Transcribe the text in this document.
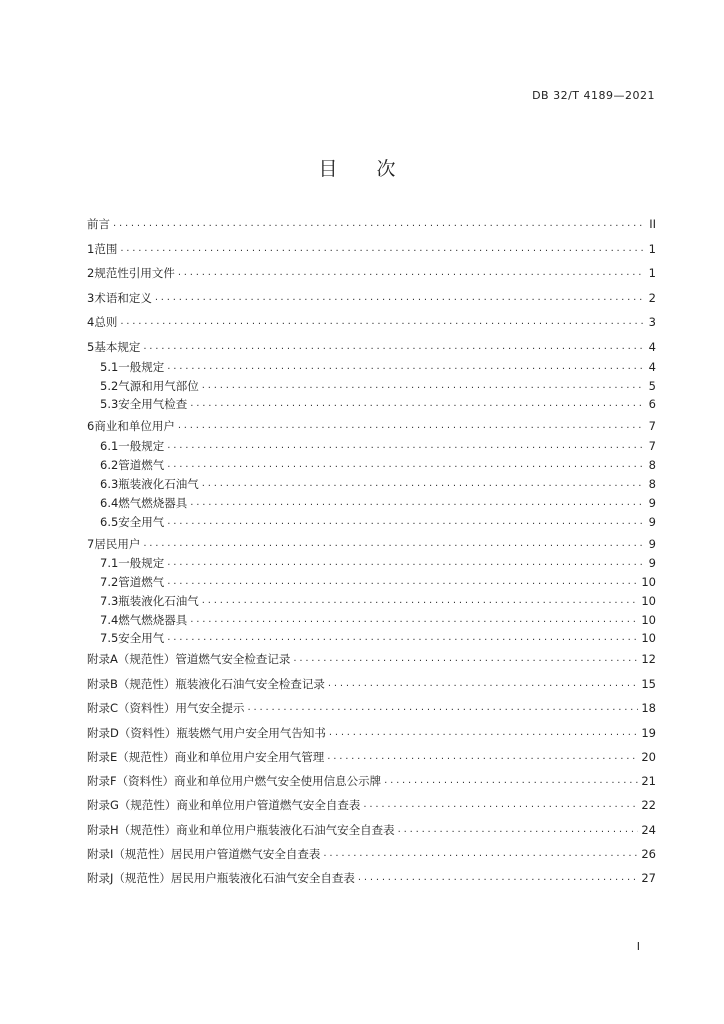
DB 32/T 4189—2021
目　次
前言 .....	II
1 范围 .....	1
2 规范性引用文件 .....	1
3 术语和定义 .....	2
4 总则 .....	3
5 基本规定 .....	4
5.1 一般规定 .....	4
5.2 气源和用气部位 .....	5
5.3 安全用气检查 .....	6
6 商业和单位用户 .....	7
6.1 一般规定 .....	7
6.2 管道燃气 .....	8
6.3 瓶装液化石油气 .....	8
6.4 燃气燃烧器具 .....	9
6.5 安全用气 .....	9
7 居民用户 .....	9
7.1 一般规定 .....	9
7.2 管道燃气 .....	10
7.3 瓶装液化石油气 .....	10
7.4 燃气燃烧器具 .....	10
7.5 安全用气 .....	10
附录A（规范性） 管道燃气安全检查记录 .....	12
附录B（规范性） 瓶装液化石油气安全检查记录 .....	15
附录C（资料性） 用气安全提示 .....	18
附录D（资料性） 瓶装燃气用户安全用气告知书 .....	19
附录E（规范性） 商业和单位用户安全用气管理 .....	20
附录F（资料性） 商业和单位用户燃气安全使用信息公示牌 .....	21
附录G（规范性） 商业和单位用户管道燃气安全自查表 .....	22
附录H（规范性） 商业和单位用户瓶装液化石油气安全自查表 .....	24
附录I（规范性） 居民用户管道燃气安全自查表 .....	26
附录J（规范性） 居民用户瓶装液化石油气安全自查表 .....	27
I
